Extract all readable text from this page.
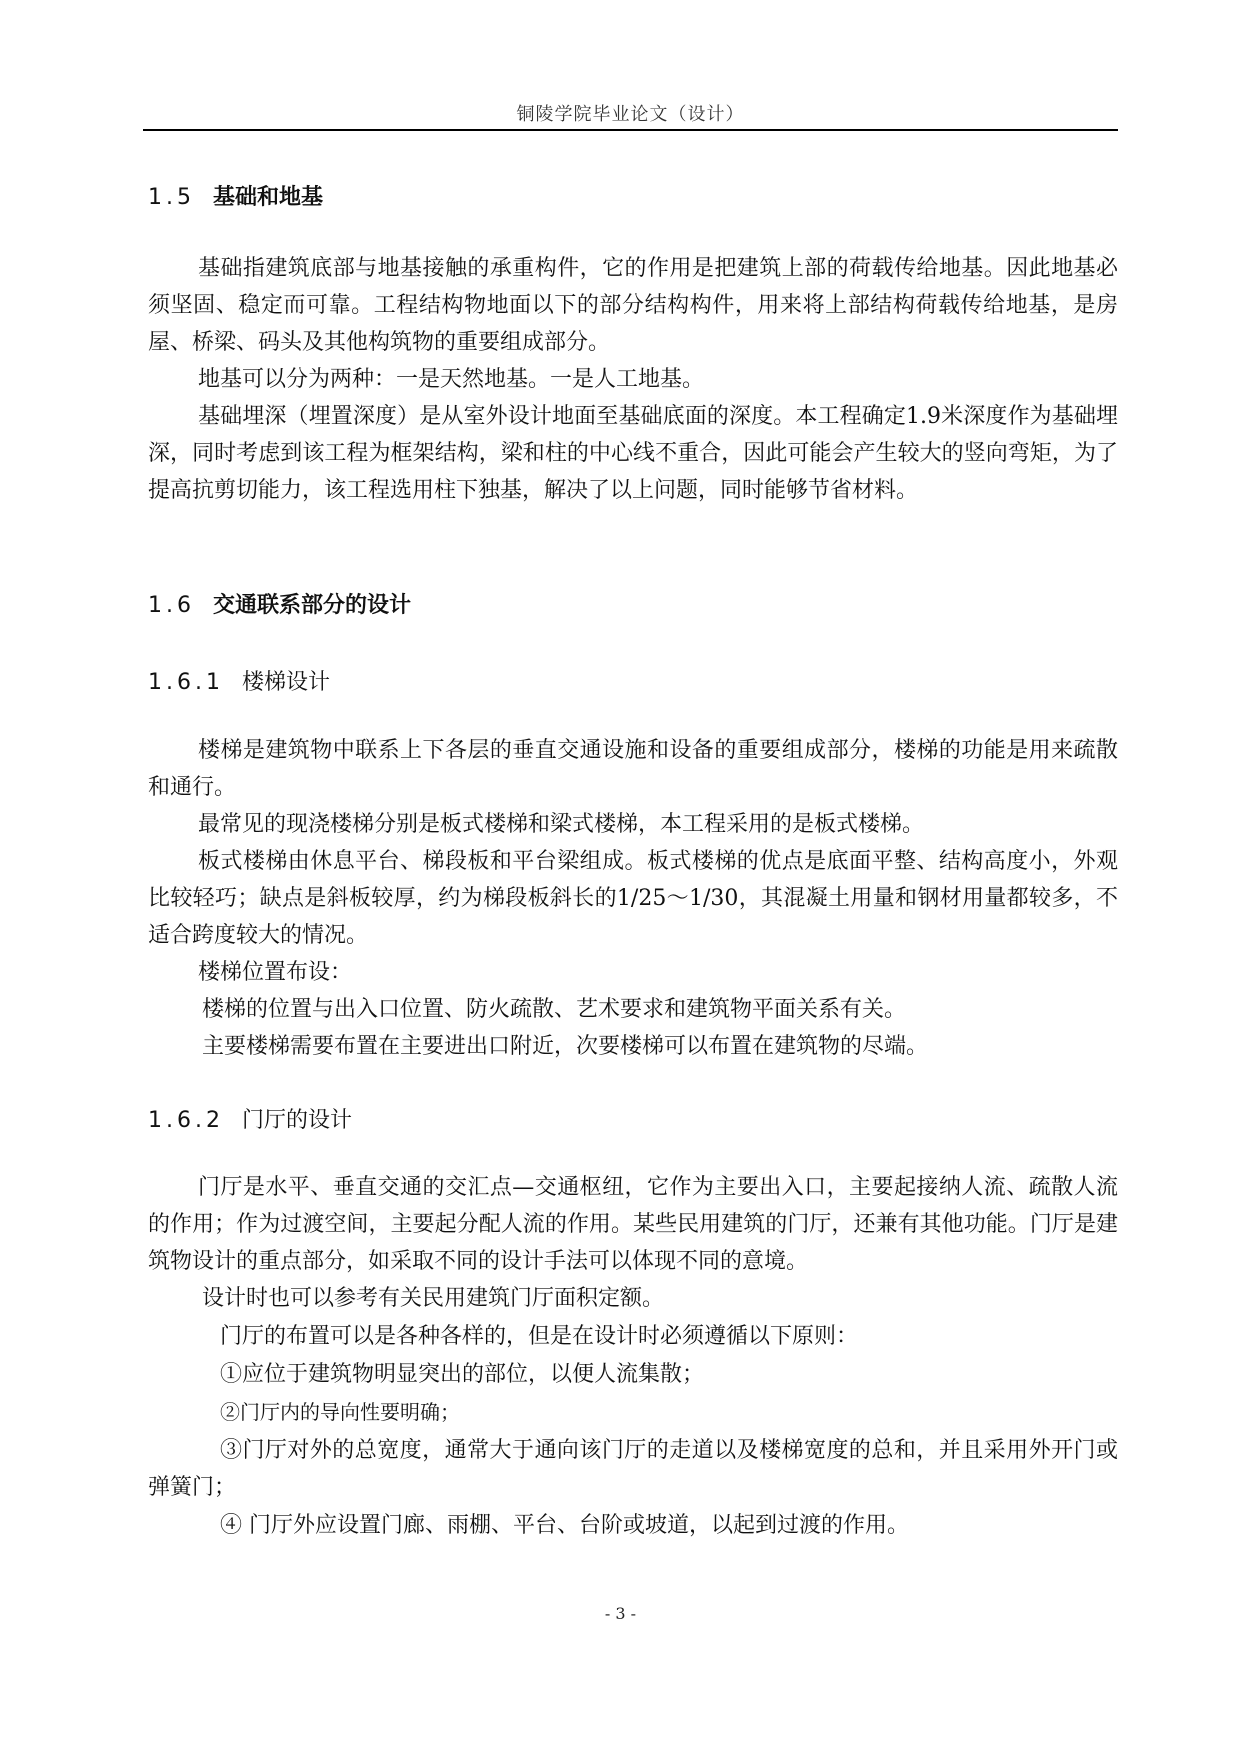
铜陵学院毕业论文（设计）
1.5 基础和地基

基础指建筑底部与地基接触的承重构件，它的作用是把建筑上部的荷载传给地基。因此地基必须坚固、稳定而可靠。工程结构物地面以下的部分结构构件，用来将上部结构荷载传给地基，是房屋、桥梁、码头及其他构筑物的重要组成部分。

地基可以分为两种：一是天然地基。一是人工地基。

基础埋深（埋置深度）是从室外设计地面至基础底面的深度。本工程确定1.9米深度作为基础埋深，同时考虑到该工程为框架结构，梁和柱的中心线不重合，因此可能会产生较大的竖向弯矩，为了提高抗剪切能力，该工程选用柱下独基，解决了以上问题，同时能够节省材料。

1.6 交通联系部分的设计
1.6.1 楼梯设计

楼梯是建筑物中联系上下各层的垂直交通设施和设备的重要组成部分，楼梯的功能是用来疏散和通行。

最常见的现浇楼梯分别是板式楼梯和梁式楼梯，本工程采用的是板式楼梯。

板式楼梯由休息平台、梯段板和平台梁组成。板式楼梯的优点是底面平整、结构高度小，外观比较轻巧；缺点是斜板较厚，约为梯段板斜长的1/25～1/30，其混凝土用量和钢材用量都较多，不适合跨度较大的情况。

楼梯位置布设：

楼梯的位置与出入口位置、防火疏散、艺术要求和建筑物平面关系有关。

主要楼梯需要布置在主要进出口附近，次要楼梯可以布置在建筑物的尽端。

1.6.2 门厅的设计

门厅是水平、垂直交通的交汇点—交通枢纽，它作为主要出入口，主要起接纳人流、疏散人流的作用；作为过渡空间，主要起分配人流的作用。某些民用建筑的门厅，还兼有其他功能。门厅是建筑物设计的重点部分，如采取不同的设计手法可以体现不同的意境。

设计时也可以参考有关民用建筑门厅面积定额。

门厅的布置可以是各种各样的，但是在设计时必须遵循以下原则：

①应位于建筑物明显突出的部位，以便人流集散；

②门厅内的导向性要明确；

③门厅对外的总宽度，通常大于通向该门厅的走道以及楼梯宽度的总和，并且采用外开门或弹簧门；

④ 门厅外应设置门廊、雨棚、平台、台阶或坡道，以起到过渡的作用。

- 3 -
